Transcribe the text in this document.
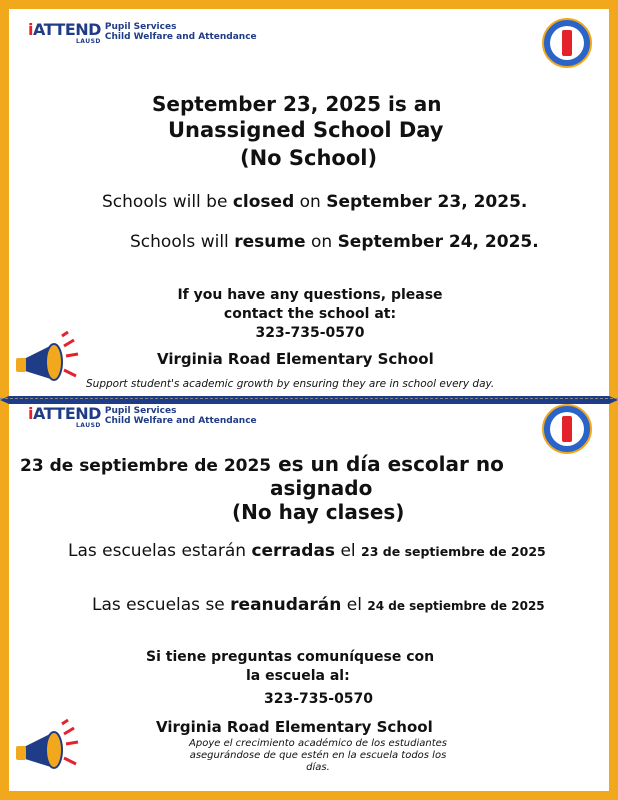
iATTEND
LAUSD
Pupil Services
Child Welfare and Attendance
September 23, 2025 is an
Unassigned School Day
(No School)
Schools will be closed on September 23, 2025.
Schools will resume on September 24, 2025.
If you have any questions, please
contact the school at:
323-735-0570
Virginia Road Elementary School
Support student's academic growth by ensuring they are in school every day.
iATTEND
LAUSD
Pupil Services
Child Welfare and Attendance
23 de septiembre de 2025 es un día escolar no
asignado
(No hay clases)
Las escuelas estarán cerradas el 23 de septiembre de 2025
Las escuelas se reanudarán el 24 de septiembre de 2025
Si tiene preguntas comuníquese con
la escuela al:
323-735-0570
Virginia Road Elementary School
Apoye el crecimiento académico de los estudiantes
asegurándose de que estén en la escuela todos los
días.
